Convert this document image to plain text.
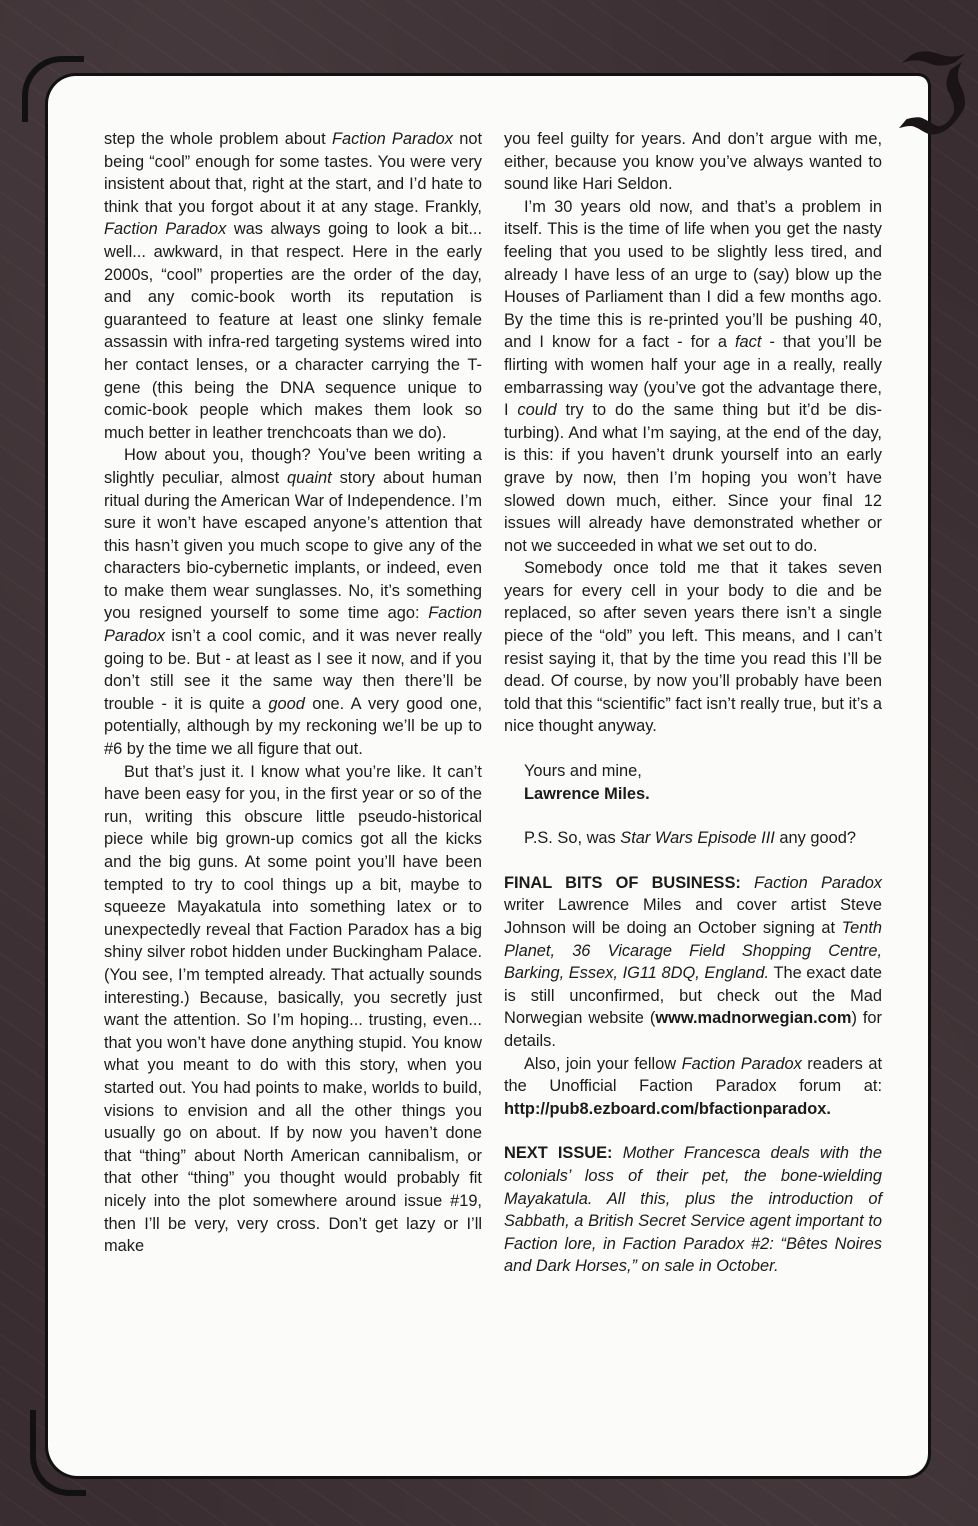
ℑ

step the whole problem about Faction Paradox not being “cool” enough for some tastes. You were very insistent about that, right at the start, and I’d hate to think that you forgot about it at any stage. Frankly, Faction Paradox was always going to look a bit... well... awkward, in that respect. Here in the early 2000s, “cool” properties are the order of the day, and any comic-book worth its reputation is guaranteed to feature at least one slinky female assassin with infra-red targeting systems wired into her contact lenses, or a character carrying the T-gene (this being the DNA sequence unique to comic-book people which makes them look so much better in leather trenchcoats than we do).

How about you, though? You’ve been writing a slightly peculiar, almost quaint story about human ritual during the American War of Independence. I’m sure it won’t have escaped anyone’s attention that this hasn’t given you much scope to give any of the characters bio-cybernetic implants, or indeed, even to make them wear sunglasses. No, it’s something you resigned yourself to some time ago: Faction Paradox isn’t a cool comic, and it was never really going to be. But - at least as I see it now, and if you don’t still see it the same way then there’ll be trouble - it is quite a good one. A very good one, potentially, although by my reckoning we’ll be up to #6 by the time we all figure that out.

But that’s just it. I know what you’re like. It can’t have been easy for you, in the first year or so of the run, writing this obscure little pseudo-historical piece while big grown-up comics got all the kicks and the big guns. At some point you’ll have been tempted to try to cool things up a bit, maybe to squeeze Mayakatula into something latex or to unexpectedly reveal that Faction Paradox has a big shiny silver robot hidden under Buckingham Palace. (You see, I’m tempted already. That actually sounds interesting.) Because, basically, you secretly just want the attention. So I’m hoping... trusting, even... that you won’t have done anything stupid. You know what you meant to do with this story, when you started out. You had points to make, worlds to build, visions to envision and all the other things you usually go on about. If by now you haven’t done that “thing” about North American cannibalism, or that other “thing” you thought would probably fit nicely into the plot somewhere around issue #19, then I’ll be very, very cross. Don’t get lazy or I’ll make

you feel guilty for years. And don’t argue with me, either, because you know you’ve always wanted to sound like Hari Seldon.

I’m 30 years old now, and that’s a problem in itself. This is the time of life when you get the nasty feeling that you used to be slightly less tired, and already I have less of an urge to (say) blow up the Houses of Parliament than I did a few months ago. By the time this is re-printed you’ll be pushing 40, and I know for a fact - for a fact - that you’ll be flirting with women half your age in a really, really embarrassing way (you’ve got the advantage there, I could try to do the same thing but it’d be disturbing). And what I’m saying, at the end of the day, is this: if you haven’t drunk yourself into an early grave by now, then I’m hoping you won’t have slowed down much, either. Since your final 12 issues will already have demonstrated whether or not we succeeded in what we set out to do.

Somebody once told me that it takes seven years for every cell in your body to die and be replaced, so after seven years there isn’t a single piece of the “old” you left. This means, and I can’t resist saying it, that by the time you read this I’ll be dead. Of course, by now you’ll probably have been told that this “scientific” fact isn’t really true, but it’s a nice thought anyway.

Yours and mine,

Lawrence Miles.

P.S. So, was Star Wars Episode III any good?

FINAL BITS OF BUSINESS: Faction Paradox writer Lawrence Miles and cover artist Steve Johnson will be doing an October signing at Tenth Planet, 36 Vicarage Field Shopping Centre, Barking, Essex, IG11 8DQ, England. The exact date is still unconfirmed, but check out the Mad Norwegian website (www.madnorwegian.com) for details.

Also, join your fellow Faction Paradox readers at the Unofficial Faction Paradox forum at: http://pub8.ezboard.com/bfactionparadox.

NEXT ISSUE: Mother Francesca deals with the colonials’ loss of their pet, the bone-wielding Mayakatula. All this, plus the introduction of Sabbath, a British Secret Service agent important to Faction lore, in Faction Paradox #2: “Bêtes Noires and Dark Horses,” on sale in October.
